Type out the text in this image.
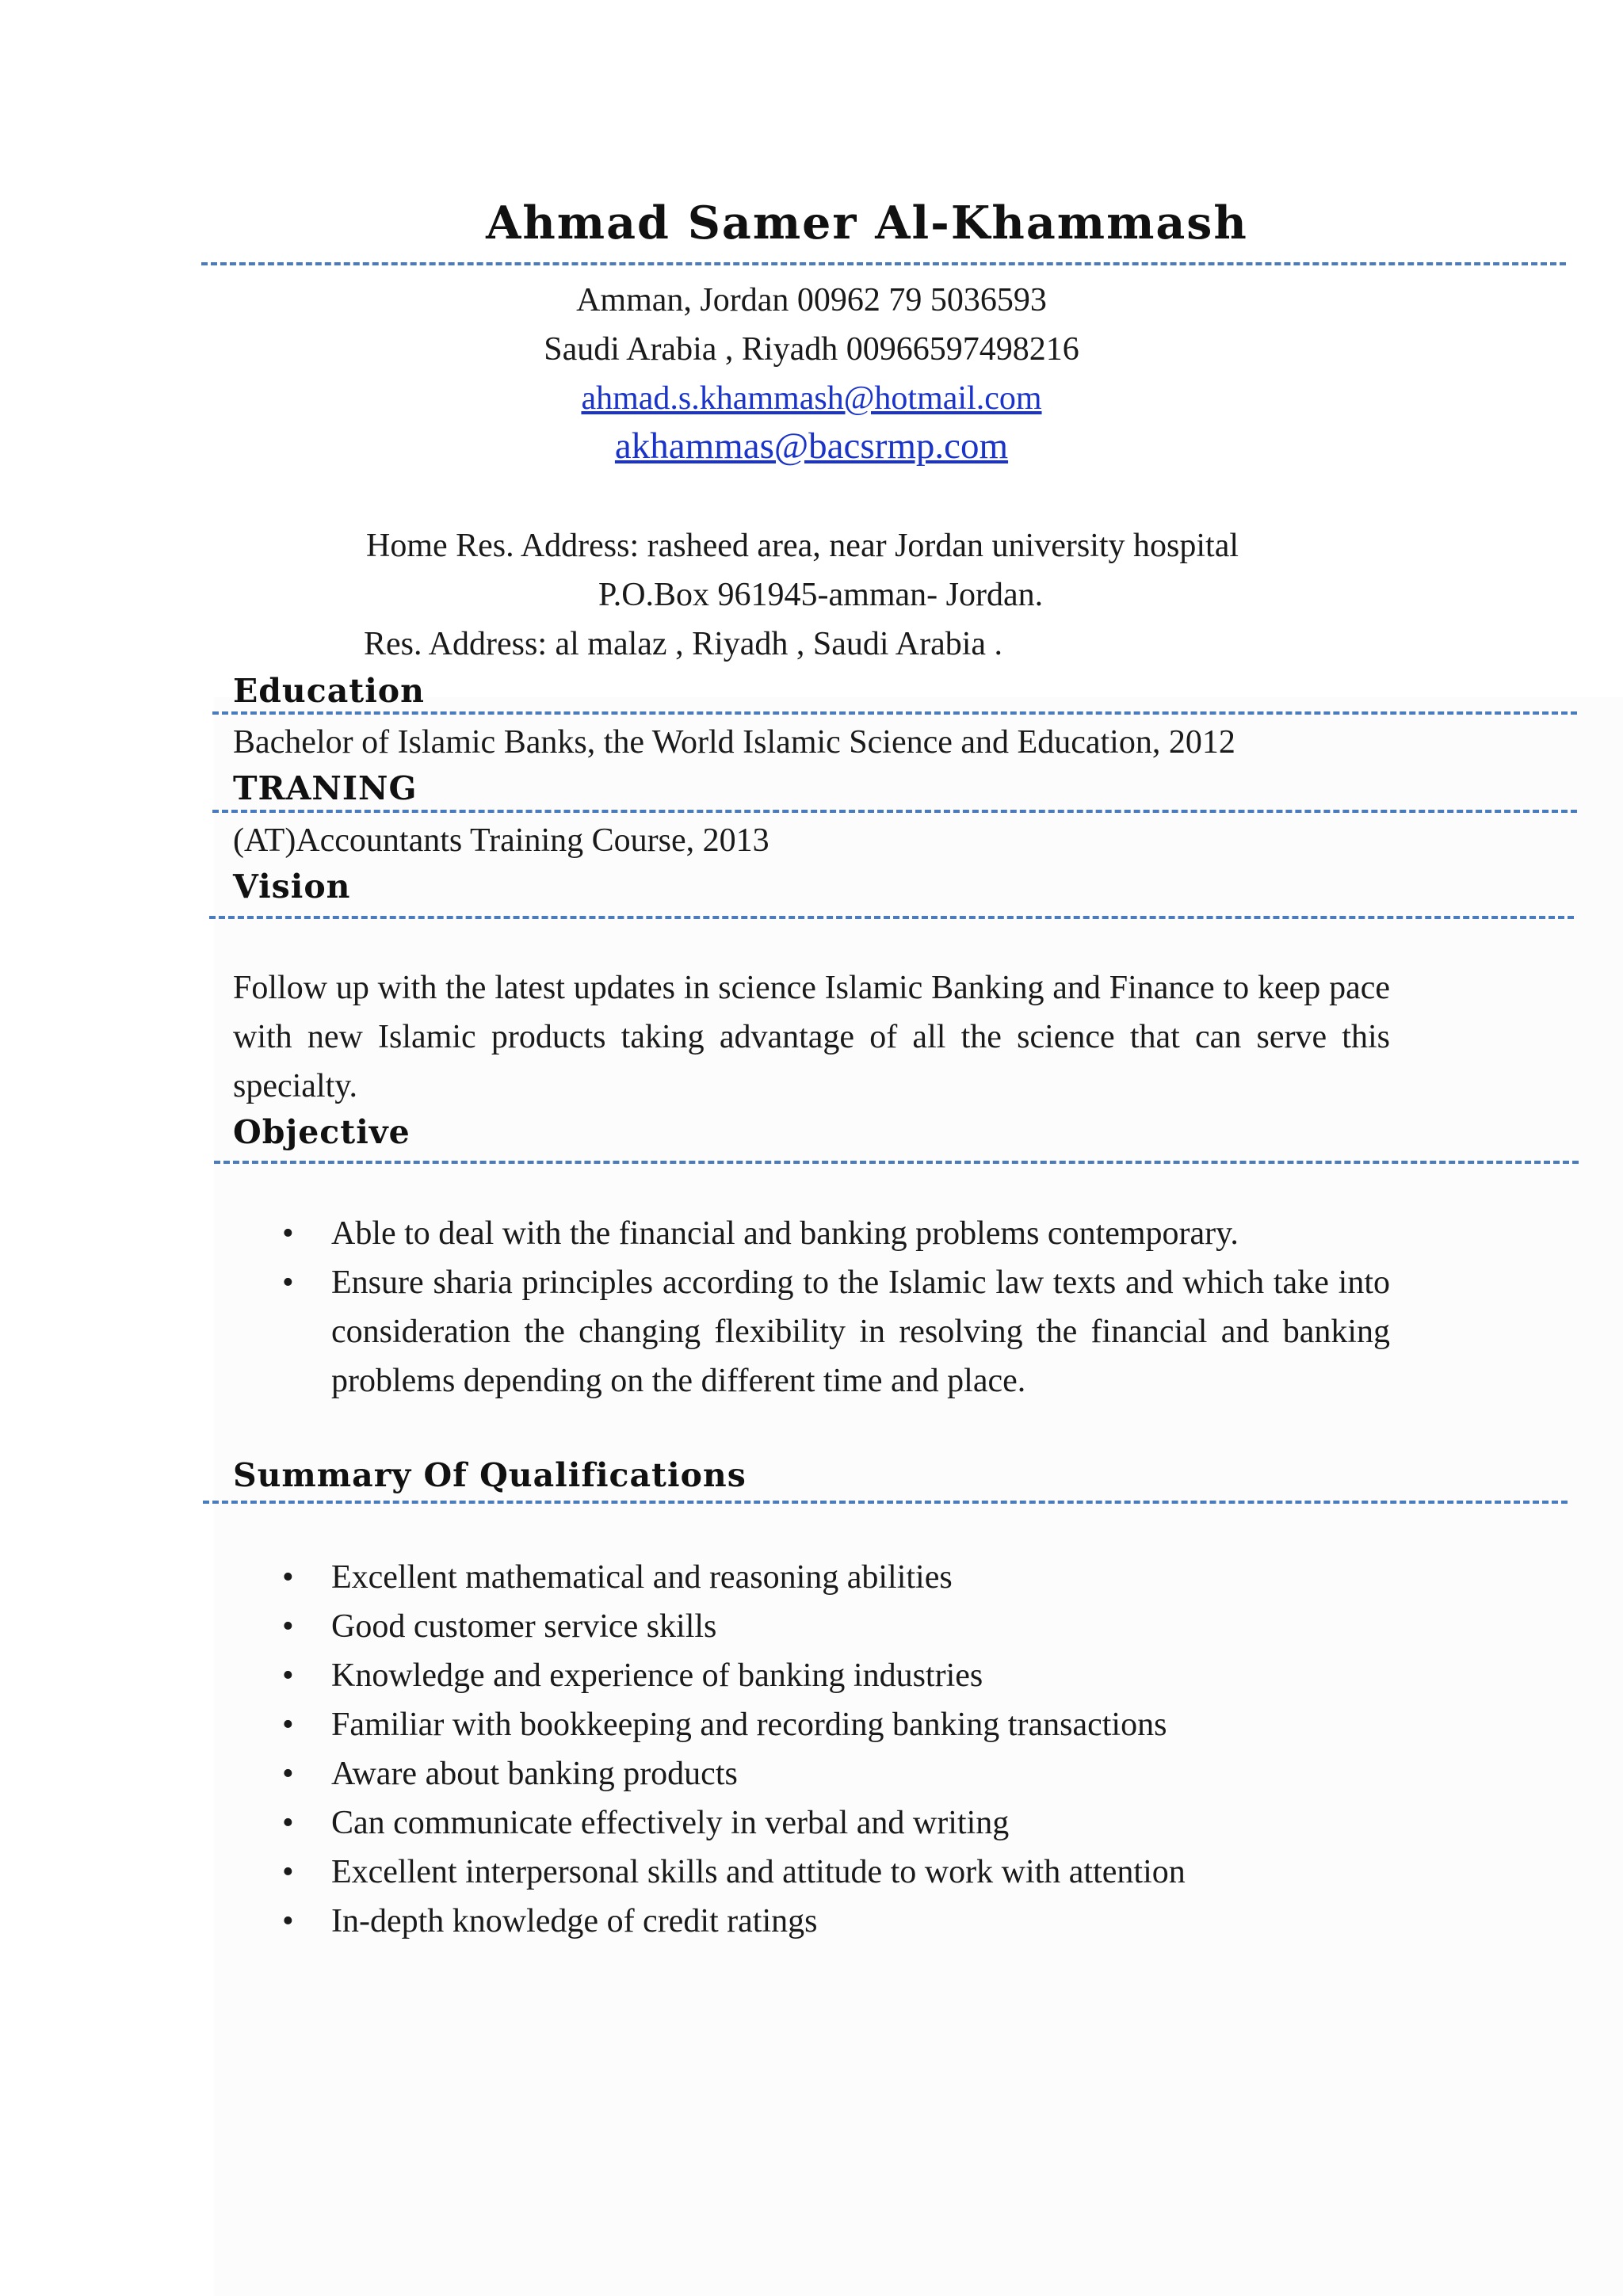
Ahmad Samer Al-Khammash
Amman, Jordan 00962 79 5036593
Saudi Arabia , Riyadh 00966597498216
ahmad.s.khammash@hotmail.com
akhammas@bacsrmp.com
Home Res. Address: rasheed area, near Jordan university hospital
P.O.Box 961945-amman- Jordan.
Res. Address: al malaz , Riyadh , Saudi Arabia .
Education
Bachelor of Islamic Banks, the World Islamic Science and Education, 2012
TRANING
(AT)Accountants Training Course, 2013
Vision
Follow up with the latest updates in science Islamic Banking and Finance to keep pace with new Islamic products taking advantage of all the science that can serve this specialty.
Objective
• Able to deal with the financial and banking problems contemporary.
• Ensure sharia principles according to the Islamic law texts and which take into consideration the changing flexibility in resolving the financial and banking problems depending on the different time and place.
Summary Of Qualifications
• Excellent mathematical and reasoning abilities
• Good customer service skills
• Knowledge and experience of banking industries
• Familiar with bookkeeping and recording banking transactions
• Aware about banking products
• Can communicate effectively in verbal and writing
• Excellent interpersonal skills and attitude to work with attention
• In-depth knowledge of credit ratings
